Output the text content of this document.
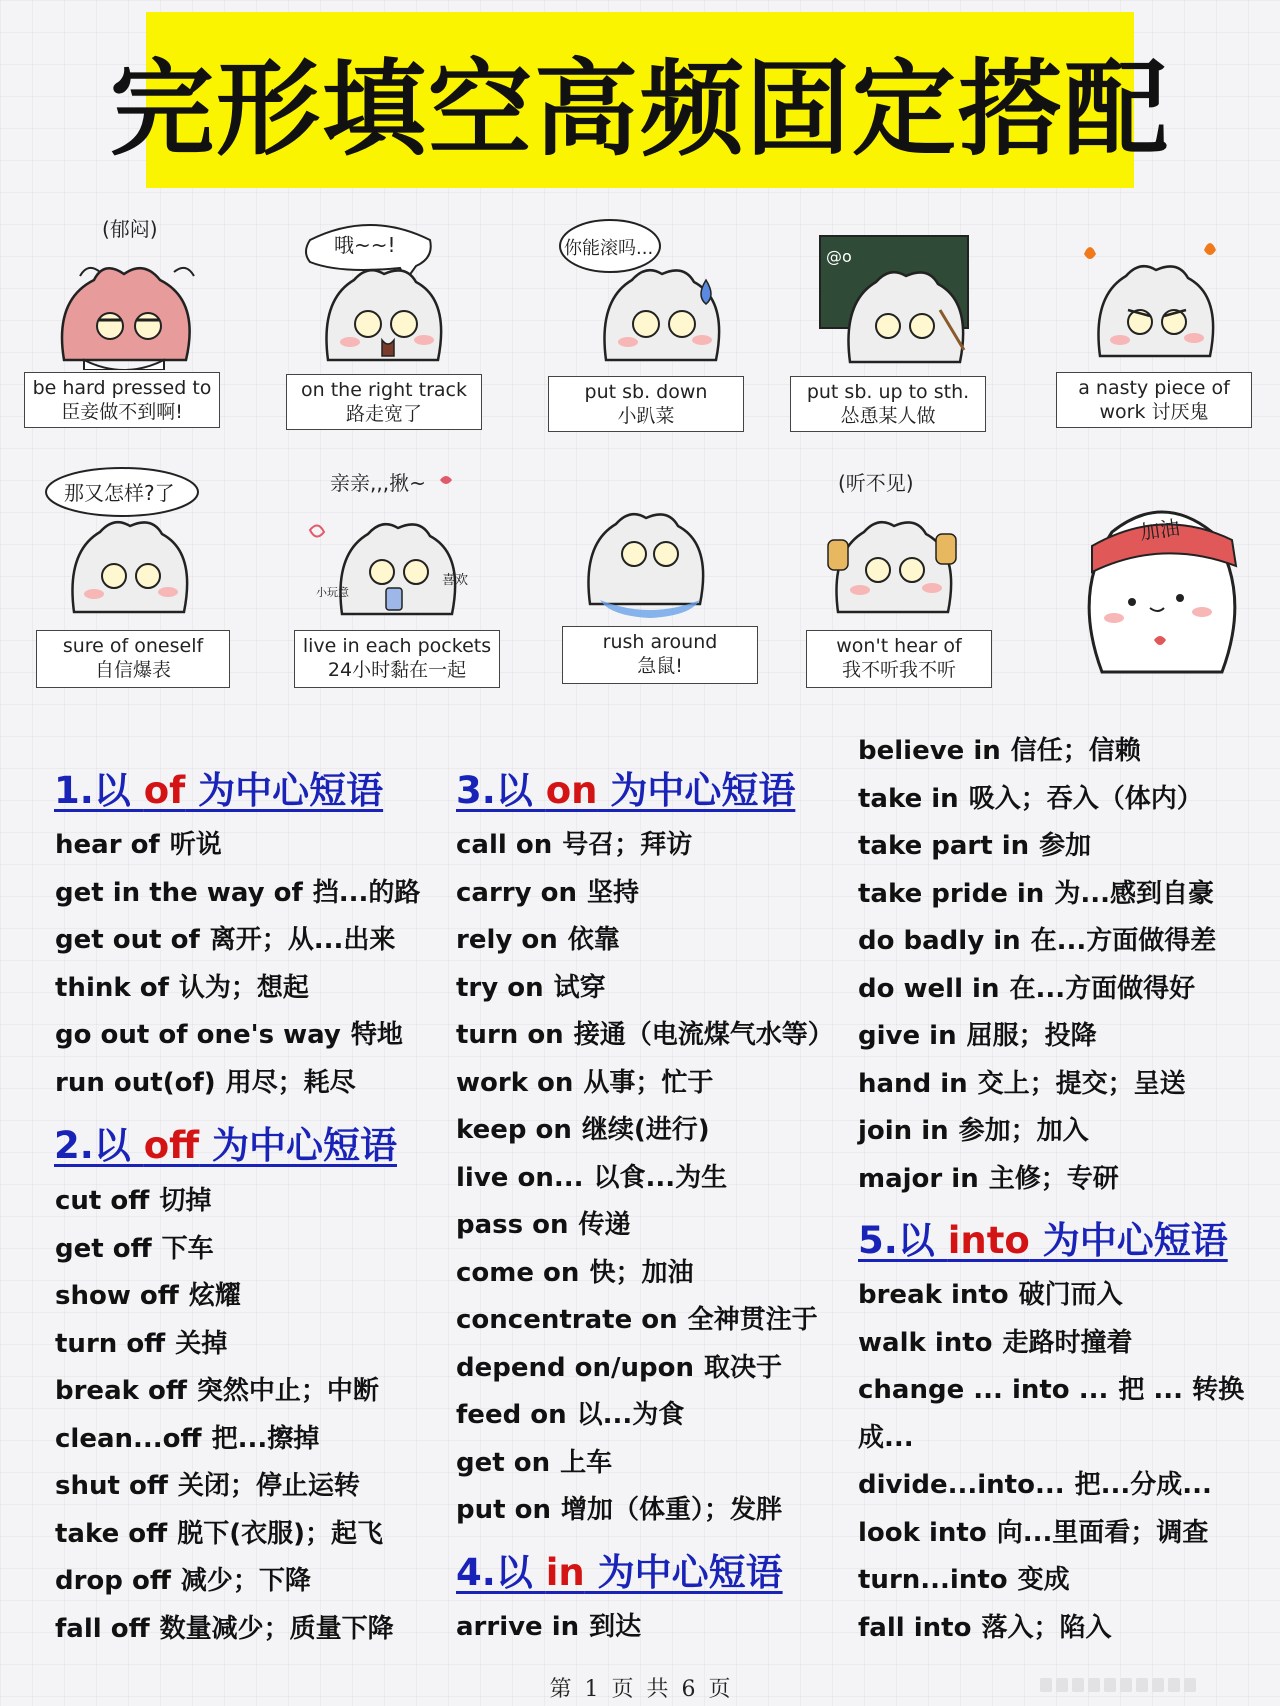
完形填空高频固定搭配
(郁闷)
be hard pressed to
臣妾做不到啊!
哦~~!
on the right track
路走宽了
你能滚吗...
put sb. down
小趴菜
@o
put sb. up to sth.
怂恿某人做
a nasty piece of
work 讨厌鬼
那又怎样?了
sure of oneself
自信爆表
亲亲,,,揪~
小玩意
喜欢
live in each pockets
24小时黏在一起
rush around
急鼠!
(听不见)
won't hear of
我不听我不听
加油
1.以 of 为中心短语
hear of 听说
get in the way of 挡...的路
get out of 离开；从...出来
think of 认为；想起
go out of one's way 特地
run out(of) 用尽；耗尽
2.以 off 为中心短语
cut off 切掉
get off 下车
show off 炫耀
turn off 关掉
break off 突然中止；中断
clean...off 把...擦掉
shut off 关闭；停止运转
take off 脱下(衣服)；起飞
drop off 减少；下降
fall off 数量减少；质量下降
3.以 on 为中心短语
call on 号召；拜访
carry on 坚持
rely on 依靠
try on 试穿
turn on 接通（电流煤气水等）
work on 从事；忙于
keep on 继续(进行)
live on... 以食...为生
pass on 传递
come on 快；加油
concentrate on 全神贯注于
depend on/upon 取决于
feed on 以...为食
get on 上车
put on 增加（体重）；发胖
4.以 in 为中心短语
arrive in 到达
believe in 信任；信赖
take in 吸入；吞入（体内）
take part in 参加
take pride in 为...感到自豪
do badly in 在...方面做得差
do well in 在...方面做得好
give in 屈服；投降
hand in 交上；提交；呈送
join in 参加；加入
major in 主修；专研
5.以 into 为中心短语
break into 破门而入
walk into 走路时撞着
change ... into ... 把 ... 转换
成...
divide...into... 把...分成...
look into 向...里面看；调查
turn...into 变成
fall into 落入；陷入
第 1 页 共 6 页
